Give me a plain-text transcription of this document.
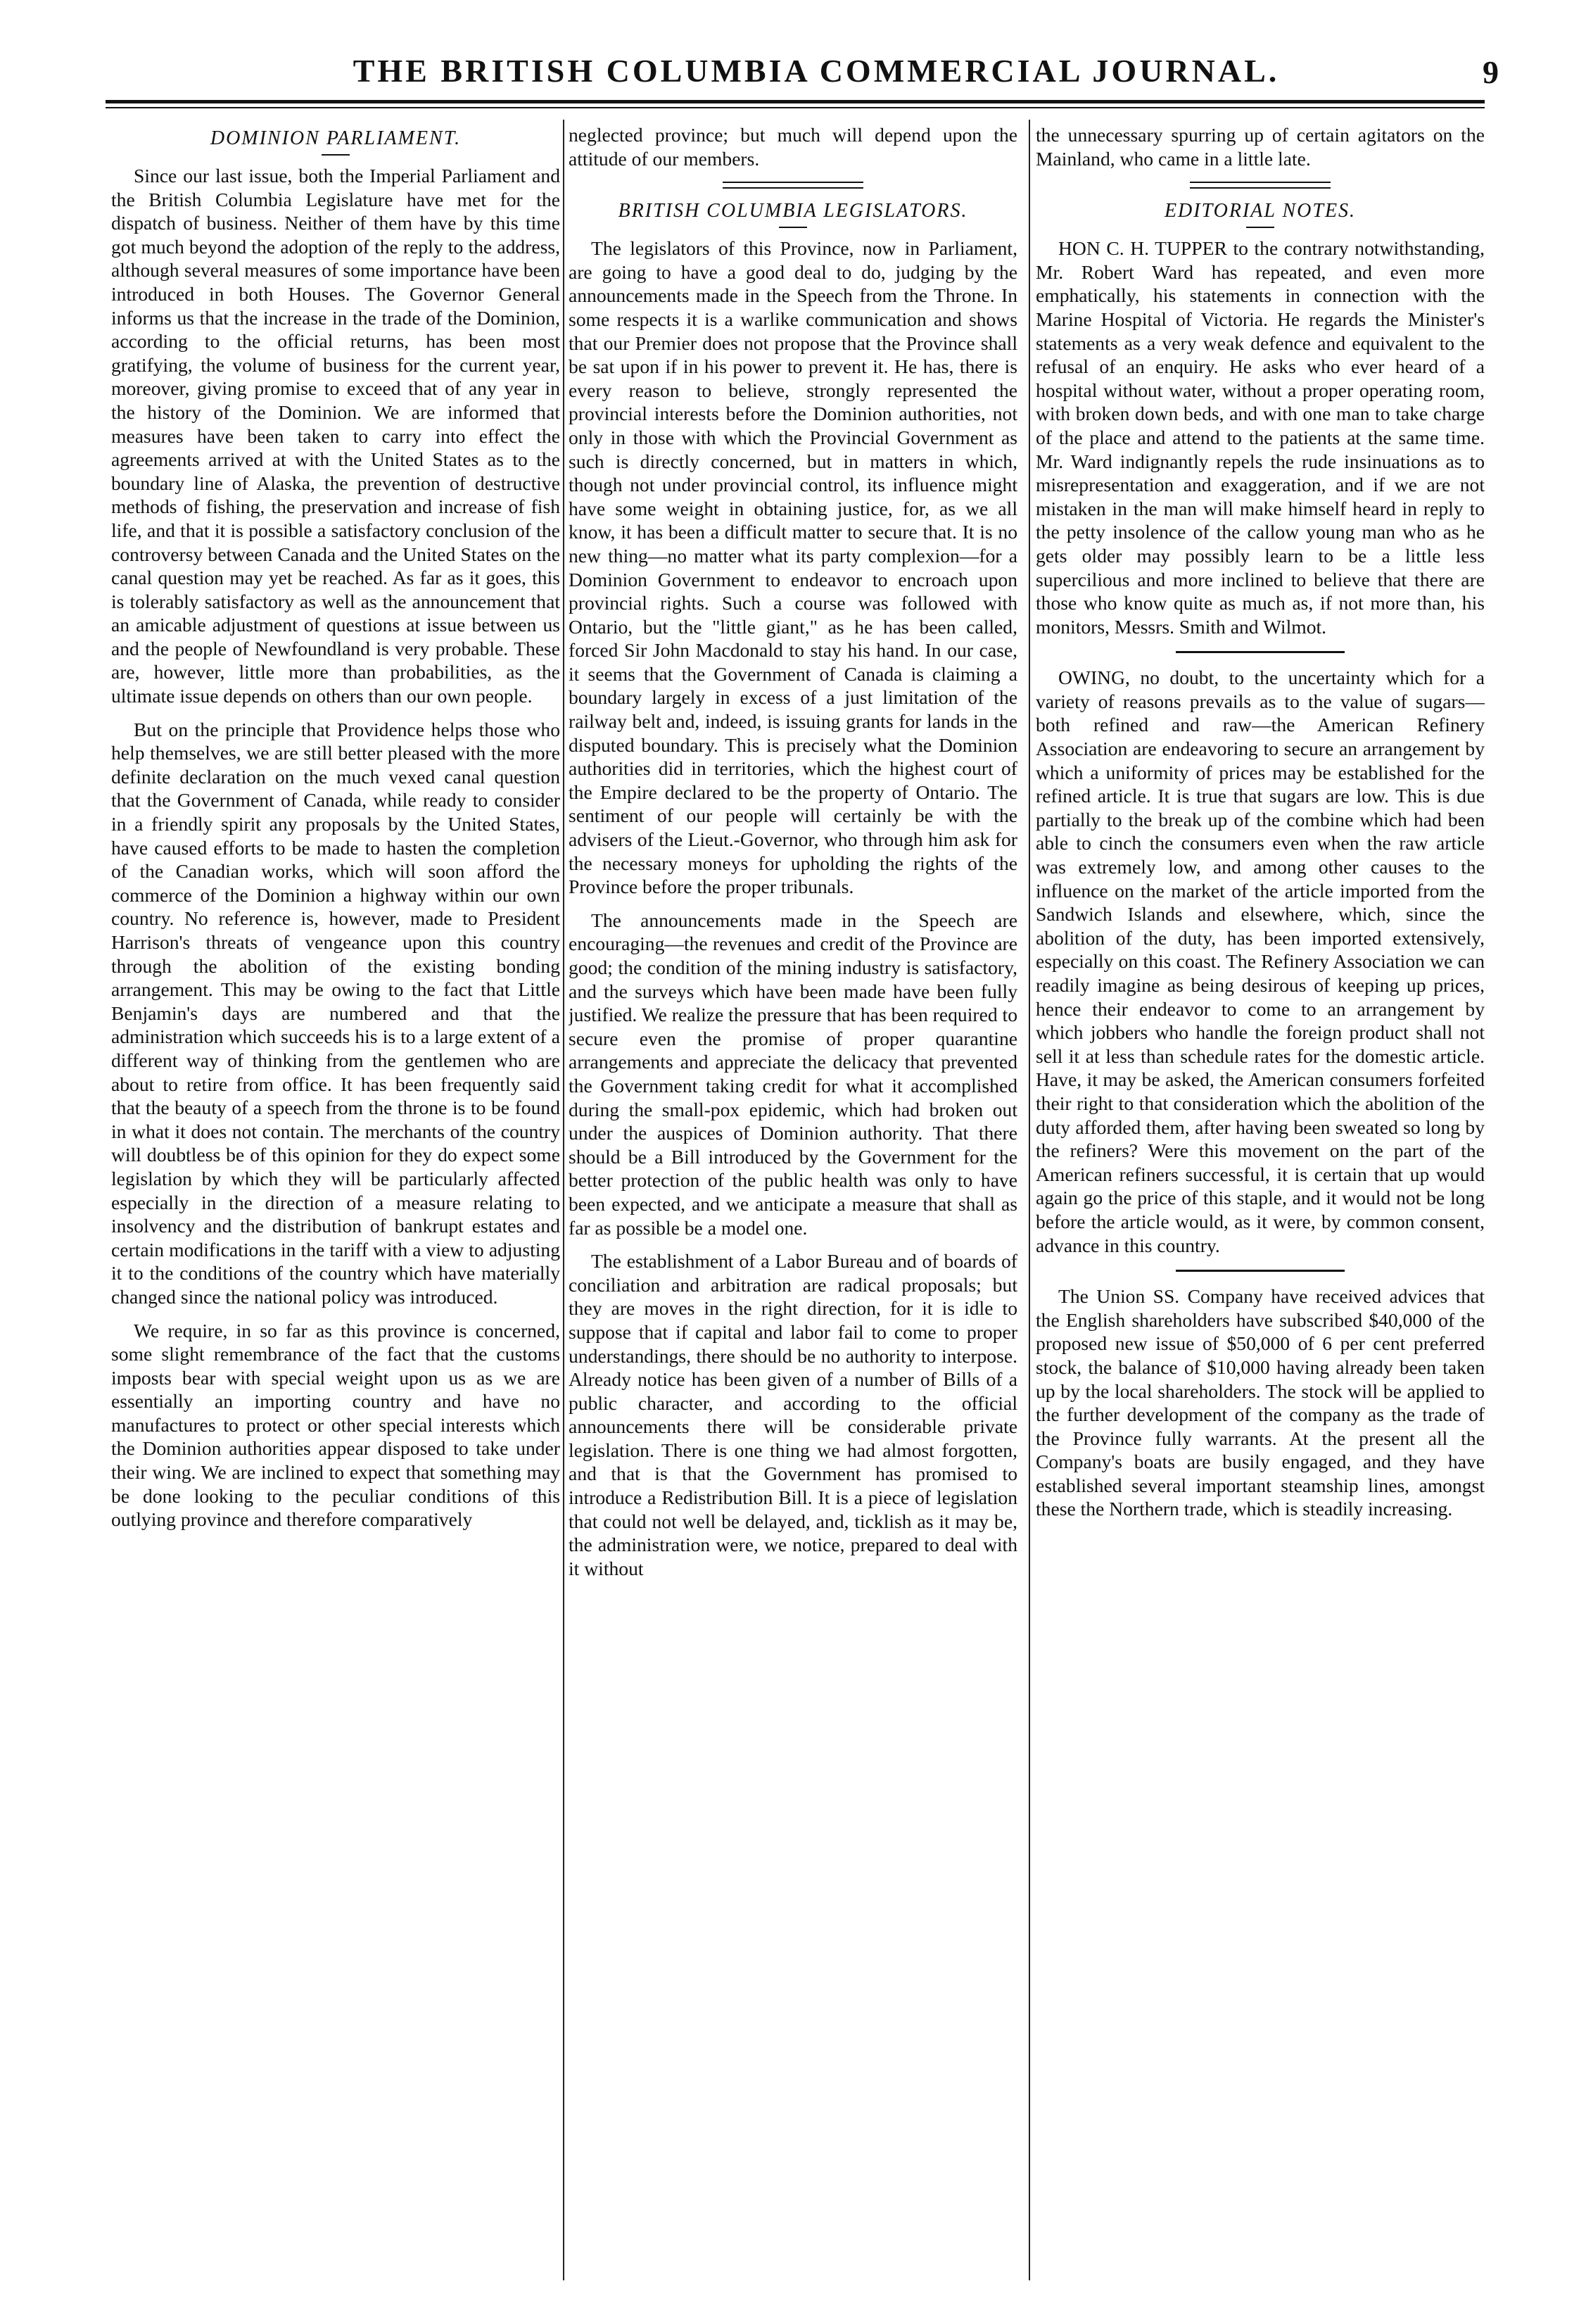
THE BRITISH COLUMBIA COMMERCIAL JOURNAL.	9
DOMINION PARLIAMENT.

Since our last issue, both the Imperial Parliament and the British Columbia Legislature have met for the dispatch of business. Neither of them have by this time got much beyond the adoption of the reply to the address, although several measures of some importance have been introduced in both Houses. The Governor General informs us that the increase in the trade of the Dominion, according to the official returns, has been most gratifying, the volume of business for the current year, moreover, giving promise to exceed that of any year in the history of the Dominion. We are informed that measures have been taken to carry into effect the agreements arrived at with the United States as to the boundary line of Alaska, the prevention of destructive methods of fishing, the preservation and increase of fish life, and that it is possible a satisfactory conclusion of the controversy between Canada and the United States on the canal question may yet be reached. As far as it goes, this is tolerably satisfactory as well as the announcement that an amicable adjustment of questions at issue between us and the people of Newfoundland is very probable. These are, however, little more than probabilities, as the ultimate issue depends on others than our own people.

But on the principle that Providence helps those who help themselves, we are still better pleased with the more definite declaration on the much vexed canal question that the Government of Canada, while ready to consider in a friendly spirit any proposals by the United States, have caused efforts to be made to hasten the completion of the Canadian works, which will soon afford the commerce of the Dominion a highway within our own country. No reference is, however, made to President Harrison's threats of vengeance upon this country through the abolition of the existing bonding arrangement. This may be owing to the fact that Little Benjamin's days are numbered and that the administration which succeeds his is to a large extent of a different way of thinking from the gentlemen who are about to retire from office. It has been frequently said that the beauty of a speech from the throne is to be found in what it does not contain. The merchants of the country will doubtless be of this opinion for they do expect some legislation by which they will be particularly affected especially in the direction of a measure relating to insolvency and the distribution of bankrupt estates and certain modifications in the tariff with a view to adjusting it to the conditions of the country which have materially changed since the national policy was introduced.

We require, in so far as this province is concerned, some slight remembrance of the fact that the customs imposts bear with special weight upon us as we are essentially an importing country and have no manufactures to protect or other special interests which the Dominion authorities appear disposed to take under their wing. We are inclined to expect that something may be done looking to the peculiar conditions of this outlying province and therefore comparatively

neglected province; but much will depend upon the attitude of our members.

BRITISH COLUMBIA LEGISLATORS.

The legislators of this Province, now in Parliament, are going to have a good deal to do, judging by the announcements made in the Speech from the Throne. In some respects it is a warlike communication and shows that our Premier does not propose that the Province shall be sat upon if in his power to prevent it. He has, there is every reason to believe, strongly represented the provincial interests before the Dominion authorities, not only in those with which the Provincial Government as such is directly concerned, but in matters in which, though not under provincial control, its influence might have some weight in obtaining justice, for, as we all know, it has been a difficult matter to secure that. It is no new thing—no matter what its party complexion—for a Dominion Government to endeavor to encroach upon provincial rights. Such a course was followed with Ontario, but the "little giant," as he has been called, forced Sir John Macdonald to stay his hand. In our case, it seems that the Government of Canada is claiming a boundary largely in excess of a just limitation of the railway belt and, indeed, is issuing grants for lands in the disputed boundary. This is precisely what the Dominion authorities did in territories, which the highest court of the Empire declared to be the property of Ontario. The sentiment of our people will certainly be with the advisers of the Lieut.-Governor, who through him ask for the necessary moneys for upholding the rights of the Province before the proper tribunals.

The announcements made in the Speech are encouraging—the revenues and credit of the Province are good; the condition of the mining industry is satisfactory, and the surveys which have been made have been fully justified. We realize the pressure that has been required to secure even the promise of proper quarantine arrangements and appreciate the delicacy that prevented the Government taking credit for what it accomplished during the small-pox epidemic, which had broken out under the auspices of Dominion authority. That there should be a Bill introduced by the Government for the better protection of the public health was only to have been expected, and we anticipate a measure that shall as far as possible be a model one.

The establishment of a Labor Bureau and of boards of conciliation and arbitration are radical proposals; but they are moves in the right direction, for it is idle to suppose that if capital and labor fail to come to proper understandings, there should be no authority to interpose. Already notice has been given of a number of Bills of a public character, and according to the official announcements there will be considerable private legislation. There is one thing we had almost forgotten, and that is that the Government has promised to introduce a Redistribution Bill. It is a piece of legislation that could not well be delayed, and, ticklish as it may be, the administration were, we notice, prepared to deal with it without

the unnecessary spurring up of certain agitators on the Mainland, who came in a little late.

EDITORIAL NOTES.

HON C. H. TUPPER to the contrary notwithstanding, Mr. Robert Ward has repeated, and even more emphatically, his statements in connection with the Marine Hospital of Victoria. He regards the Minister's statements as a very weak defence and equivalent to the refusal of an enquiry. He asks who ever heard of a hospital without water, without a proper operating room, with broken down beds, and with one man to take charge of the place and attend to the patients at the same time. Mr. Ward indignantly repels the rude insinuations as to misrepresentation and exaggeration, and if we are not mistaken in the man will make himself heard in reply to the petty insolence of the callow young man who as he gets older may possibly learn to be a little less supercilious and more inclined to believe that there are those who know quite as much as, if not more than, his monitors, Messrs. Smith and Wilmot.

OWING, no doubt, to the uncertainty which for a variety of reasons prevails as to the value of sugars—both refined and raw—the American Refinery Association are endeavoring to secure an arrangement by which a uniformity of prices may be established for the refined article. It is true that sugars are low. This is due partially to the break up of the combine which had been able to cinch the consumers even when the raw article was extremely low, and among other causes to the influence on the market of the article imported from the Sandwich Islands and elsewhere, which, since the abolition of the duty, has been imported extensively, especially on this coast. The Refinery Association we can readily imagine as being desirous of keeping up prices, hence their endeavor to come to an arrangement by which jobbers who handle the foreign product shall not sell it at less than schedule rates for the domestic article. Have, it may be asked, the American consumers forfeited their right to that consideration which the abolition of the duty afforded them, after having been sweated so long by the refiners? Were this movement on the part of the American refiners successful, it is certain that up would again go the price of this staple, and it would not be long before the article would, as it were, by common consent, advance in this country.

The Union SS. Company have received advices that the English shareholders have subscribed $40,000 of the proposed new issue of $50,000 of 6 per cent preferred stock, the balance of $10,000 having already been taken up by the local shareholders. The stock will be applied to the further development of the company as the trade of the Province fully warrants. At the present all the Company's boats are busily engaged, and they have established several important steamship lines, amongst these the Northern trade, which is steadily increasing.
